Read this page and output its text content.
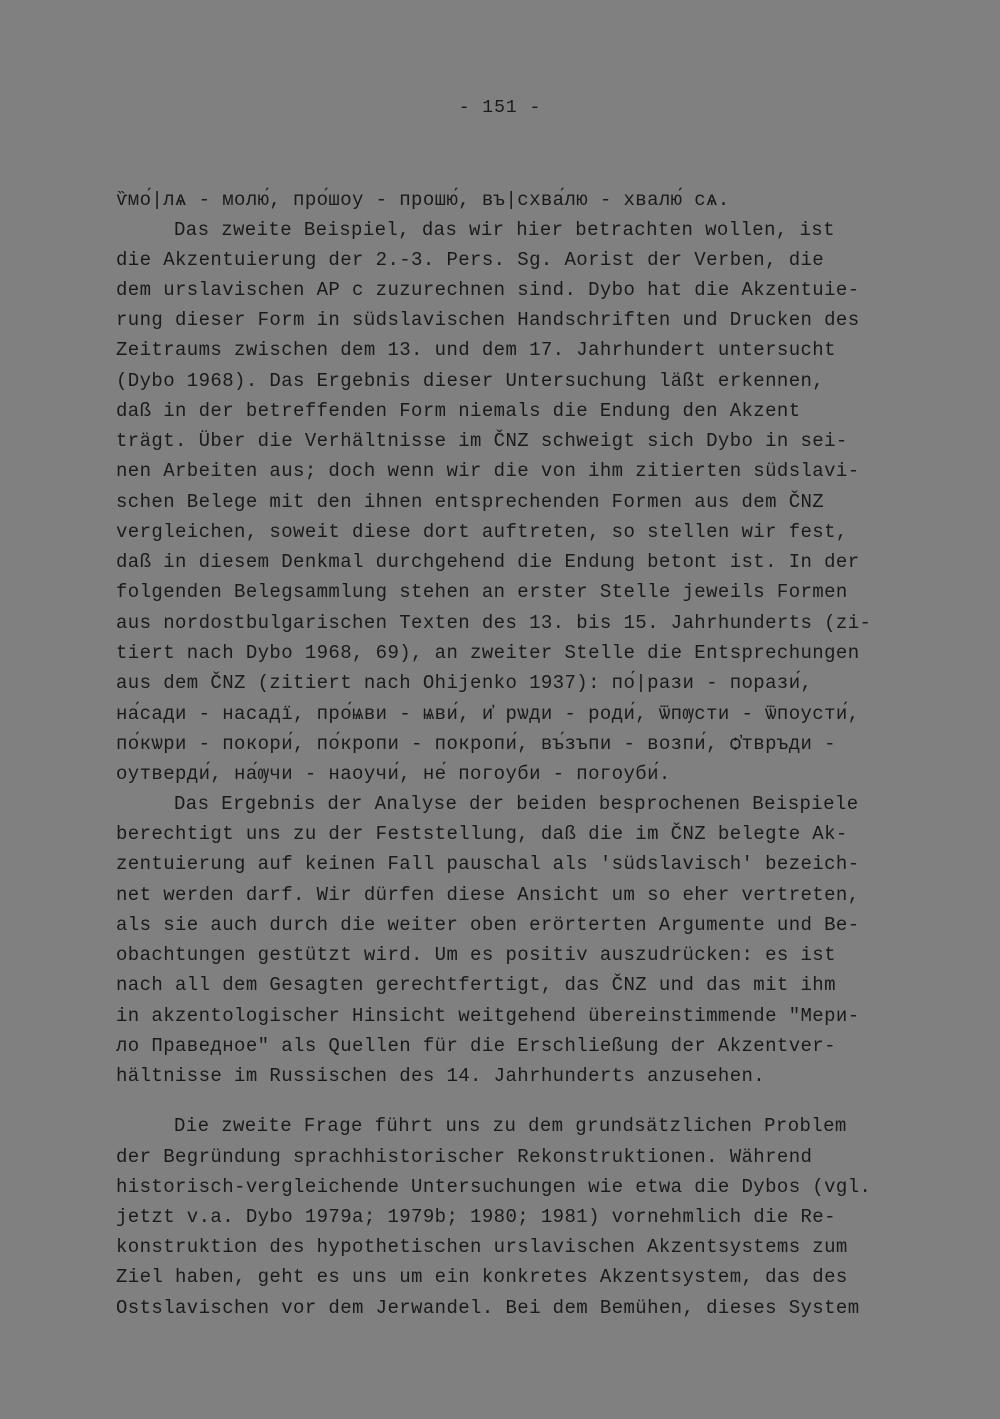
- 151 -
ѷмо́|лѧ - молю́, про́шоу - прошю́, въ|схва́лю - хвалю́ сѧ.
Das zweite Beispiel, das wir hier betrachten wollen, ist
die Akzentuierung der 2.-3. Pers. Sg. Aorist der Verben, die
dem urslavischen AP c zuzurechnen sind. Dybo hat die Akzentuie-
rung dieser Form in südslavischen Handschriften und Drucken des
Zeitraums zwischen dem 13. und dem 17. Jahrhundert untersucht
(Dybo 1968). Das Ergebnis dieser Untersuchung läßt erkennen,
daß in der betreffenden Form niemals die Endung den Akzent
trägt. Über die Verhältnisse im ČNZ schweigt sich Dybo in sei-
nen Arbeiten aus; doch wenn wir die von ihm zitierten südslavi-
schen Belege mit den ihnen entsprechenden Formen aus dem ČNZ
vergleichen, soweit diese dort auftreten, so stellen wir fest,
daß in diesem Denkmal durchgehend die Endung betont ist. In der
folgenden Belegsammlung stehen an erster Stelle jeweils Formen
aus nordostbulgarischen Texten des 13. bis 15. Jahrhunderts (zi-
tiert nach Dybo 1968, 69), an zweiter Stelle die Entsprechungen
aus dem ČNZ (zitiert nach Ohijenko 1937): по́|рази - порази́,
на́сади - насадї, про́ѩви - ѩви́, и҆ рѡди - роди́, ѿпѹсти - ѿпоусти́,
по́кѡри - покори́, по́кропи - покропи́, въ́зъпи - возпи́, ѻ҆твръди -
оутверди́, на́ѹчи - наоучи́, не́ погоуби - погоуби́.
Das Ergebnis der Analyse der beiden besprochenen Beispiele
berechtigt uns zu der Feststellung, daß die im ČNZ belegte Ak-
zentuierung auf keinen Fall pauschal als 'südslavisch' bezeich-
net werden darf. Wir dürfen diese Ansicht um so eher vertreten,
als sie auch durch die weiter oben erörterten Argumente und Be-
obachtungen gestützt wird. Um es positiv auszudrücken: es ist
nach all dem Gesagten gerechtfertigt, das ČNZ und das mit ihm
in akzentologischer Hinsicht weitgehend übereinstimmende "Мери-
ло Праведное" als Quellen für die Erschließung der Akzentver-
hältnisse im Russischen des 14. Jahrhunderts anzusehen.
Die zweite Frage führt uns zu dem grundsätzlichen Problem
der Begründung sprachhistorischer Rekonstruktionen. Während
historisch-vergleichende Untersuchungen wie etwa die Dybos (vgl.
jetzt v.a. Dybo 1979a; 1979b; 1980; 1981) vornehmlich die Re-
konstruktion des hypothetischen urslavischen Akzentsystems zum
Ziel haben, geht es uns um ein konkretes Akzentsystem, das des
Ostslavischen vor dem Jerwandel. Bei dem Bemühen, dieses System
